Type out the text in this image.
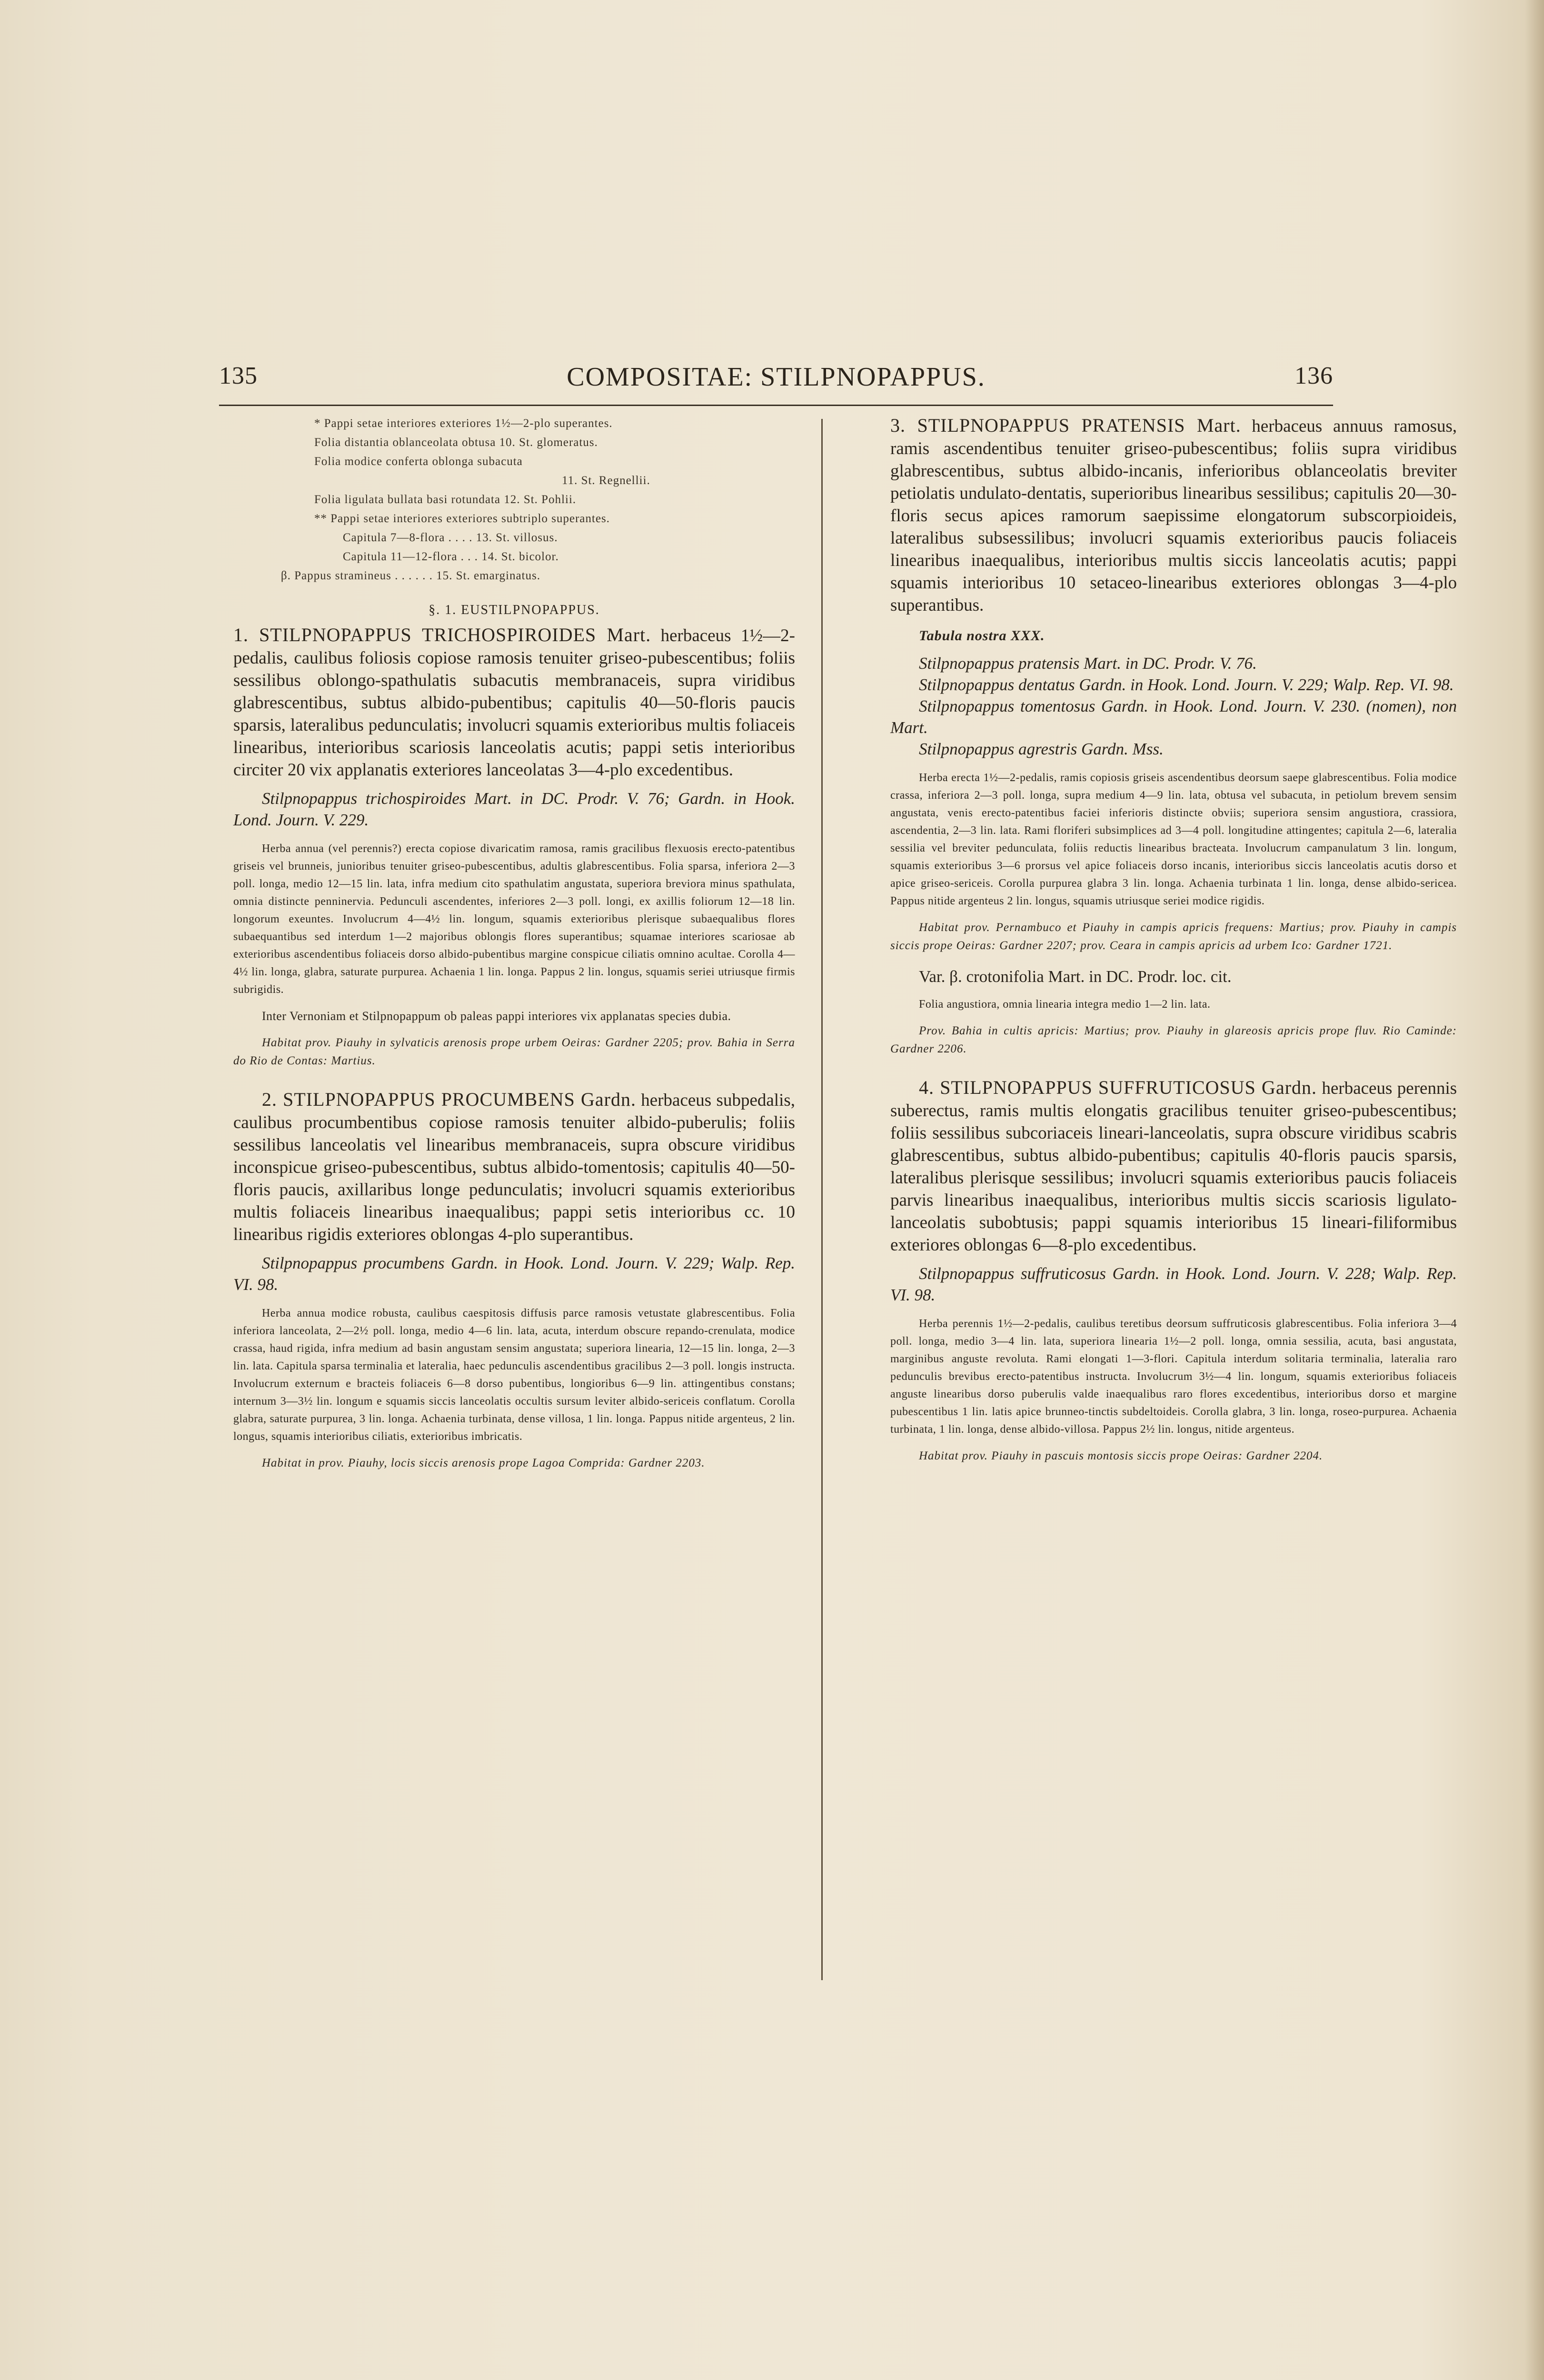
135	COMPOSITAE: STILPNOPAPPUS.	136
* Pappi setae interiores exteriores 1½—2-plo superantes.
Folia distantia oblanceolata obtusa 10. St. glomeratus.
Folia modice conferta oblonga subacuta
11. St. Regnellii.
Folia ligulata bullata basi rotundata 12. St. Pohlii.
** Pappi setae interiores exteriores subtriplo superantes.
Capitula 7—8-flora . . . . 13. St. villosus.
Capitula 11—12-flora . . . 14. St. bicolor.
β. Pappus stramineus . . . . . . 15. St. emarginatus.
§. 1. EUSTILPNOPAPPUS.
1. STILPNOPAPPUS TRICHOSPIROIDES Mart. herbaceus 1½—2-pedalis, caulibus foliosis copiose ramosis tenuiter griseo-pubescentibus; foliis sessilibus oblongo-spathulatis subacutis membranaceis, supra viridibus glabrescentibus, subtus albido-pubentibus; capitulis 40—50-floris paucis sparsis, lateralibus pedunculatis; involucri squamis exterioribus multis foliaceis linearibus, interioribus scariosis lanceolatis acutis; pappi setis interioribus circiter 20 vix applanatis exteriores lanceolatas 3—4-plo excedentibus.
Stilpnopappus trichospiroides Mart. in DC. Prodr. V. 76; Gardn. in Hook. Lond. Journ. V. 229.
Herba annua (vel perennis?) erecta copiose divaricatim ramosa, ramis gracilibus flexuosis erecto-patentibus griseis vel brunneis, junioribus tenuiter griseo-pubescentibus, adultis glabrescentibus. Folia sparsa, inferiora 2—3 poll. longa, medio 12—15 lin. lata, infra medium cito spathulatim angustata, superiora breviora minus spathulata, omnia distincte penninervia. Pedunculi ascendentes, inferiores 2—3 poll. longi, ex axillis foliorum 12—18 lin. longorum exeuntes. Involucrum 4—4½ lin. longum, squamis exterioribus plerisque subaequalibus flores subaequantibus sed interdum 1—2 majoribus oblongis flores superantibus; squamae interiores scariosae ab exterioribus ascendentibus foliaceis dorso albido-pubentibus margine conspicue ciliatis omnino acultae. Corolla 4—4½ lin. longa, glabra, saturate purpurea. Achaenia 1 lin. longa. Pappus 2 lin. longus, squamis seriei utriusque firmis subrigidis.
Inter Vernoniam et Stilpnopappum ob paleas pappi interiores vix applanatas species dubia.
Habitat prov. Piauhy in sylvaticis arenosis prope urbem Oeiras: Gardner 2205; prov. Bahia in Serra do Rio de Contas: Martius.
2. STILPNOPAPPUS PROCUMBENS Gardn. herbaceus subpedalis, caulibus procumbentibus copiose ramosis tenuiter albido-puberulis; foliis sessilibus lanceolatis vel linearibus membranaceis, supra obscure viridibus inconspicue griseo-pubescentibus, subtus albido-tomentosis; capitulis 40—50-floris paucis, axillaribus longe pedunculatis; involucri squamis exterioribus multis foliaceis linearibus inaequalibus; pappi setis interioribus cc. 10 linearibus rigidis exteriores oblongas 4-plo superantibus.
Stilpnopappus procumbens Gardn. in Hook. Lond. Journ. V. 229; Walp. Rep. VI. 98.
Herba annua modice robusta, caulibus caespitosis diffusis parce ramosis vetustate glabrescentibus. Folia inferiora lanceolata, 2—2½ poll. longa, medio 4—6 lin. lata, acuta, interdum obscure repando-crenulata, modice crassa, haud rigida, infra medium ad basin angustam sensim angustata; superiora linearia, 12—15 lin. longa, 2—3 lin. lata. Capitula sparsa terminalia et lateralia, haec pedunculis ascendentibus gracilibus 2—3 poll. longis instructa. Involucrum externum e bracteis foliaceis 6—8 dorso pubentibus, longioribus 6—9 lin. attingentibus constans; internum 3—3½ lin. longum e squamis siccis lanceolatis occultis sursum leviter albido-sericeis conflatum. Corolla glabra, saturate purpurea, 3 lin. longa. Achaenia turbinata, dense villosa, 1 lin. longa. Pappus nitide argenteus, 2 lin. longus, squamis interioribus ciliatis, exterioribus imbricatis.
Habitat in prov. Piauhy, locis siccis arenosis prope Lagoa Comprida: Gardner 2203.
3. STILPNOPAPPUS PRATENSIS Mart. herbaceus annuus ramosus, ramis ascendentibus tenuiter griseo-pubescentibus; foliis supra viridibus glabrescentibus, subtus albido-incanis, inferioribus oblanceolatis breviter petiolatis undulato-dentatis, superioribus linearibus sessilibus; capitulis 20—30-floris secus apices ramorum saepissime elongatorum subscorpioideis, lateralibus subsessilibus; involucri squamis exterioribus paucis foliaceis linearibus inaequalibus, interioribus multis siccis lanceolatis acutis; pappi squamis interioribus 10 setaceo-linearibus exteriores oblongas 3—4-plo superantibus.
Tabula nostra XXX.

Stilpnopappus pratensis Mart. in DC. Prodr. V. 76.

Stilpnopappus dentatus Gardn. in Hook. Lond. Journ. V. 229; Walp. Rep. VI. 98.

Stilpnopappus tomentosus Gardn. in Hook. Lond. Journ. V. 230. (nomen), non Mart.

Stilpnopappus agrestris Gardn. Mss.

Herba erecta 1½—2-pedalis, ramis copiosis griseis ascendentibus deorsum saepe glabrescentibus. Folia modice crassa, inferiora 2—3 poll. longa, supra medium 4—9 lin. lata, obtusa vel subacuta, in petiolum brevem sensim angustata, venis erecto-patentibus faciei inferioris distincte obviis; superiora sensim angustiora, crassiora, ascendentia, 2—3 lin. lata. Rami floriferi subsimplices ad 3—4 poll. longitudine attingentes; capitula 2—6, lateralia sessilia vel breviter pedunculata, foliis reductis linearibus bracteata. Involucrum campanulatum 3 lin. longum, squamis exterioribus 3—6 prorsus vel apice foliaceis dorso incanis, interioribus siccis lanceolatis acutis dorso et apice griseo-sericeis. Corolla purpurea glabra 3 lin. longa. Achaenia turbinata 1 lin. longa, dense albido-sericea. Pappus nitide argenteus 2 lin. longus, squamis utriusque seriei modice rigidis.
Habitat prov. Pernambuco et Piauhy in campis apricis frequens: Martius; prov. Piauhy in campis siccis prope Oeiras: Gardner 2207; prov. Ceara in campis apricis ad urbem Ico: Gardner 1721.
Var. β. crotonifolia Mart. in DC. Prodr. loc. cit.
Folia angustiora, omnia linearia integra medio 1—2 lin. lata.
Prov. Bahia in cultis apricis: Martius; prov. Piauhy in glareosis apricis prope fluv. Rio Caminde: Gardner 2206.
4. STILPNOPAPPUS SUFFRUTICOSUS Gardn. herbaceus perennis suberectus, ramis multis elongatis gracilibus tenuiter griseo-pubescentibus; foliis sessilibus subcoriaceis lineari-lanceolatis, supra obscure viridibus scabris glabrescentibus, subtus albido-pubentibus; capitulis 40-floris paucis sparsis, lateralibus plerisque sessilibus; involucri squamis exterioribus paucis foliaceis parvis linearibus inaequalibus, interioribus multis siccis scariosis ligulato-lanceolatis subobtusis; pappi squamis interioribus 15 lineari-filiformibus exteriores oblongas 6—8-plo excedentibus.
Stilpnopappus suffruticosus Gardn. in Hook. Lond. Journ. V. 228; Walp. Rep. VI. 98.
Herba perennis 1½—2-pedalis, caulibus teretibus deorsum suffruticosis glabrescentibus. Folia inferiora 3—4 poll. longa, medio 3—4 lin. lata, superiora linearia 1½—2 poll. longa, omnia sessilia, acuta, basi angustata, marginibus anguste revoluta. Rami elongati 1—3-flori. Capitula interdum solitaria terminalia, lateralia raro pedunculis brevibus erecto-patentibus instructa. Involucrum 3½—4 lin. longum, squamis exterioribus foliaceis anguste linearibus dorso puberulis valde inaequalibus raro flores excedentibus, interioribus dorso et margine pubescentibus 1 lin. latis apice brunneo-tinctis subdeltoideis. Corolla glabra, 3 lin. longa, roseo-purpurea. Achaenia turbinata, 1 lin. longa, dense albido-villosa. Pappus 2½ lin. longus, nitide argenteus.
Habitat prov. Piauhy in pascuis montosis siccis prope Oeiras: Gardner 2204.
